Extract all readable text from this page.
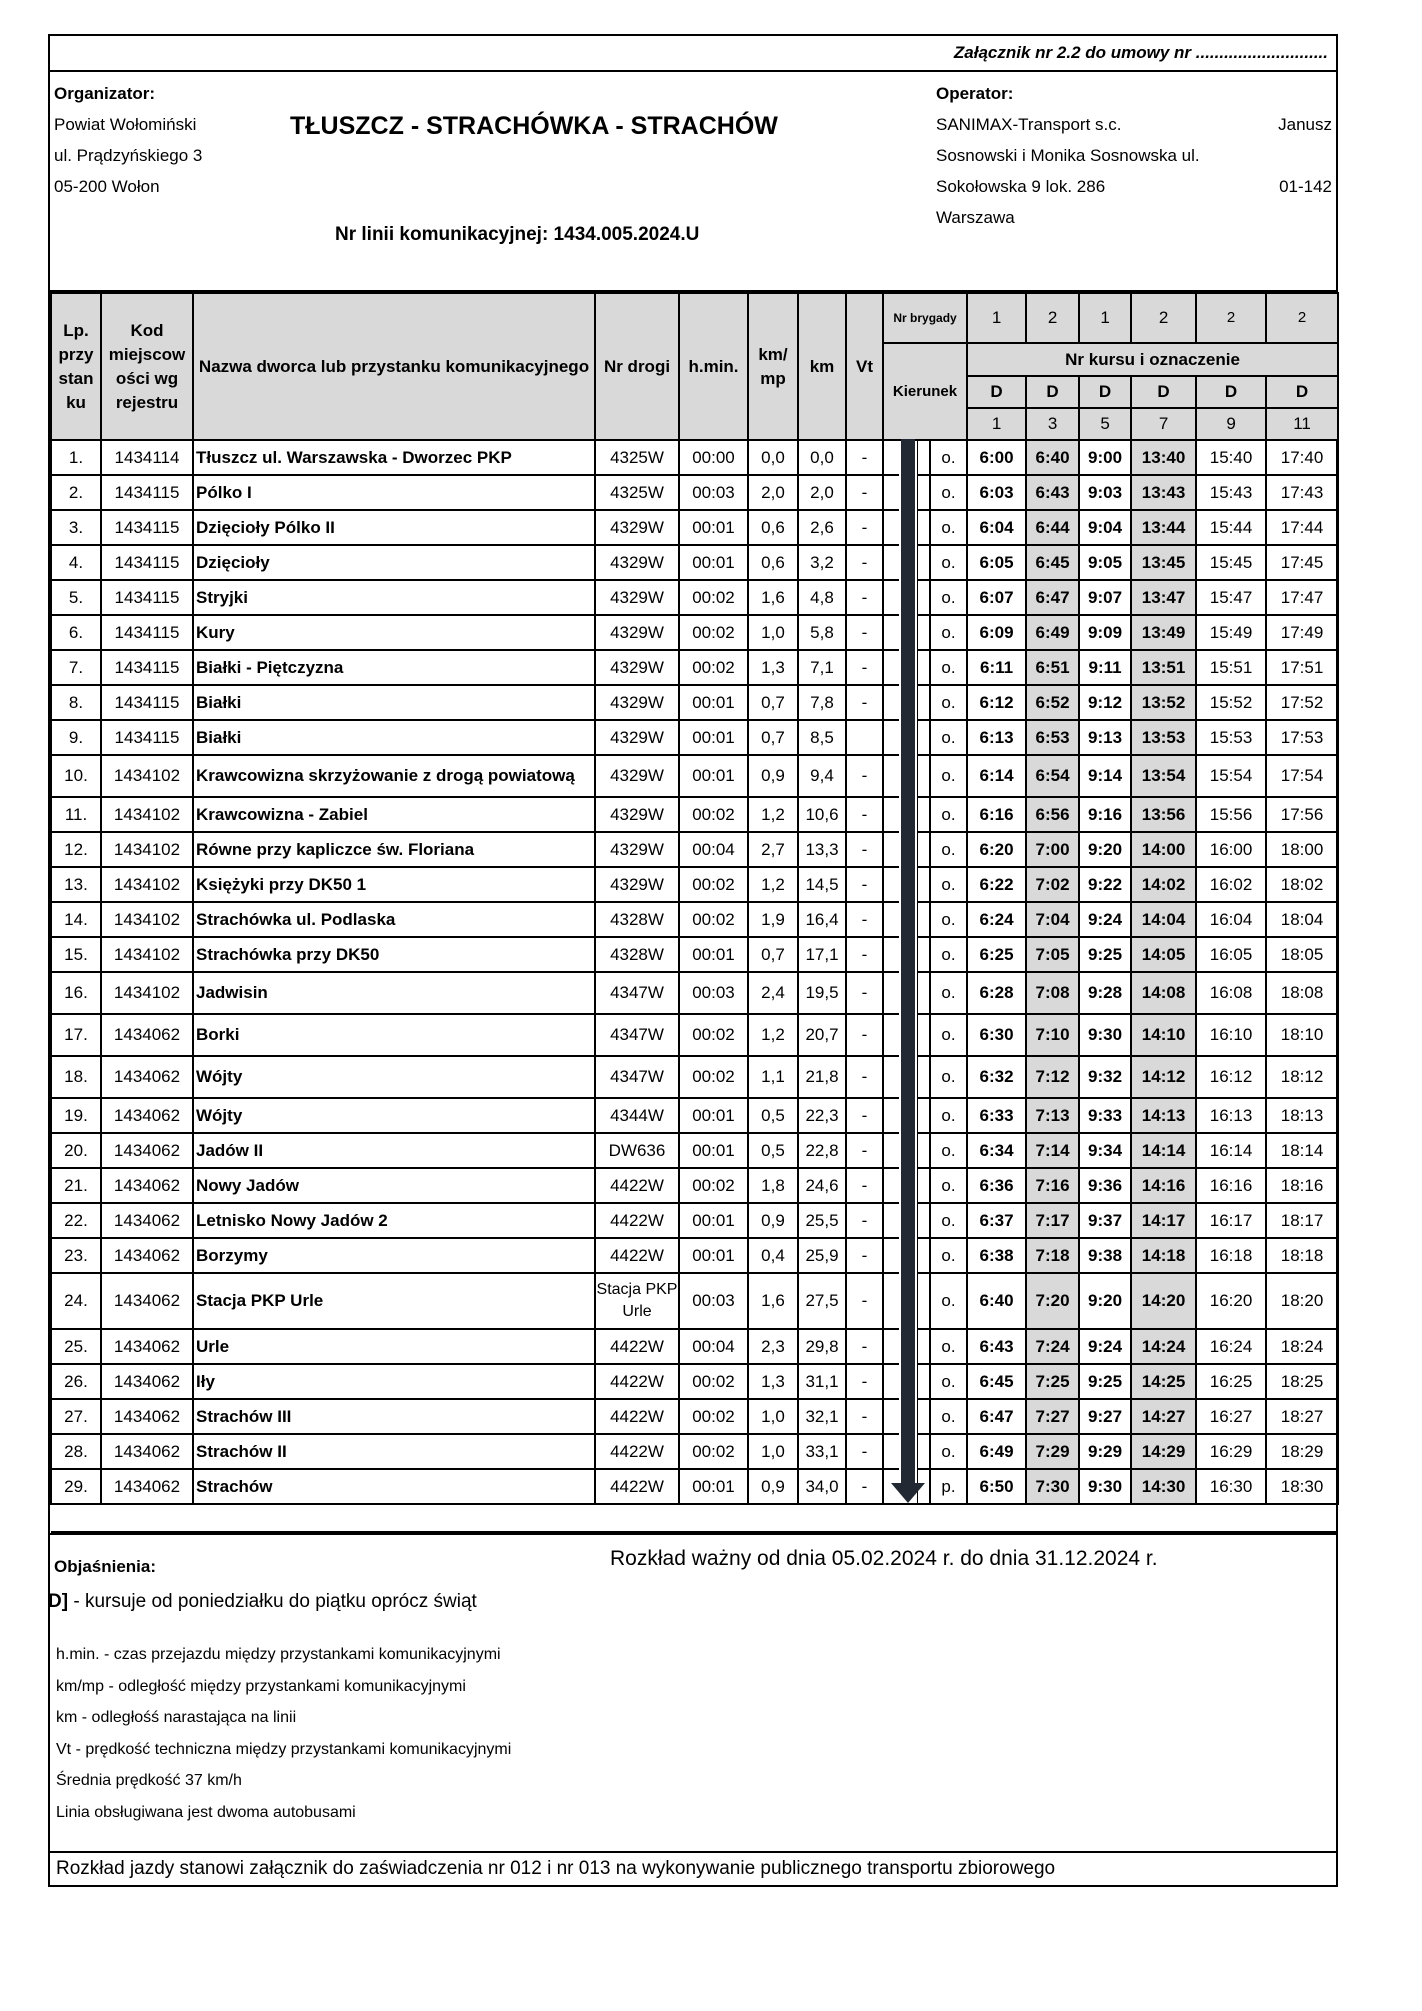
Załącznik nr 2.2 do umowy nr ............................
Organizator:
Powiat Wołomiński
ul. Prądzyńskiego 3
05-200 Wołon
TŁUSZCZ - STRACHÓWKA - STRACHÓW
Nr linii komunikacyjnej: 1434.005.2024.U
Operator:
SANIMAX-Transport s.c.	Janusz
Sosnowski i Monika Sosnowska ul.
Sokołowska 9 lok. 286	01-142
Warszawa
Lp. przy stan ku	Kod miejscow ości wg rejestru	Nazwa dworca lub przystanku komunikacyjnego	Nr drogi	h.min.	km/ mp	km	Vt	Nr brygady				1	2	1	2	2	2
								Kierunek				Nr kursu i oznaczenie					
												D	D	D	D	D	D
												1	3	5	7	9	11
1.	1434114	Tłuszcz ul. Warszawska - Dworzec PKP	4325W	00:00	0,0	0,0	-				o.	6:00	6:40	9:00	13:40	15:40	17:40
2.	1434115	Pólko I	4325W	00:03	2,0	2,0	-				o.	6:03	6:43	9:03	13:43	15:43	17:43
3.	1434115	Dzięcioły Pólko II	4329W	00:01	0,6	2,6	-				o.	6:04	6:44	9:04	13:44	15:44	17:44
4.	1434115	Dzięcioły	4329W	00:01	0,6	3,2	-				o.	6:05	6:45	9:05	13:45	15:45	17:45
5.	1434115	Stryjki	4329W	00:02	1,6	4,8	-				o.	6:07	6:47	9:07	13:47	15:47	17:47
6.	1434115	Kury	4329W	00:02	1,0	5,8	-				o.	6:09	6:49	9:09	13:49	15:49	17:49
7.	1434115	Białki - Piętczyzna	4329W	00:02	1,3	7,1	-				o.	6:11	6:51	9:11	13:51	15:51	17:51
8.	1434115	Białki	4329W	00:01	0,7	7,8	-				o.	6:12	6:52	9:12	13:52	15:52	17:52
9.	1434115	Białki	4329W	00:01	0,7	8,5					o.	6:13	6:53	9:13	13:53	15:53	17:53
10.	1434102	Krawcowizna skrzyżowanie z drogą powiatową	4329W	00:01	0,9	9,4	-				o.	6:14	6:54	9:14	13:54	15:54	17:54
11.	1434102	Krawcowizna - Zabiel	4329W	00:02	1,2	10,6	-				o.	6:16	6:56	9:16	13:56	15:56	17:56
12.	1434102	Równe przy kapliczce św. Floriana	4329W	00:04	2,7	13,3	-				o.	6:20	7:00	9:20	14:00	16:00	18:00
13.	1434102	Księżyki przy DK50 1	4329W	00:02	1,2	14,5	-				o.	6:22	7:02	9:22	14:02	16:02	18:02
14.	1434102	Strachówka ul. Podlaska	4328W	00:02	1,9	16,4	-				o.	6:24	7:04	9:24	14:04	16:04	18:04
15.	1434102	Strachówka przy DK50	4328W	00:01	0,7	17,1	-				o.	6:25	7:05	9:25	14:05	16:05	18:05
16.	1434102	Jadwisin	4347W	00:03	2,4	19,5	-				o.	6:28	7:08	9:28	14:08	16:08	18:08
17.	1434062	Borki	4347W	00:02	1,2	20,7	-				o.	6:30	7:10	9:30	14:10	16:10	18:10
18.	1434062	Wójty	4347W	00:02	1,1	21,8	-				o.	6:32	7:12	9:32	14:12	16:12	18:12
19.	1434062	Wójty	4344W	00:01	0,5	22,3	-				o.	6:33	7:13	9:33	14:13	16:13	18:13
20.	1434062	Jadów II	DW636	00:01	0,5	22,8	-				o.	6:34	7:14	9:34	14:14	16:14	18:14
21.	1434062	Nowy Jadów	4422W	00:02	1,8	24,6	-				o.	6:36	7:16	9:36	14:16	16:16	18:16
22.	1434062	Letnisko Nowy Jadów 2	4422W	00:01	0,9	25,5	-				o.	6:37	7:17	9:37	14:17	16:17	18:17
23.	1434062	Borzymy	4422W	00:01	0,4	25,9	-				o.	6:38	7:18	9:38	14:18	16:18	18:18
24.	1434062	Stacja PKP Urle	Stacja PKP Urle	00:03	1,6	27,5	-				o.	6:40	7:20	9:20	14:20	16:20	18:20
25.	1434062	Urle	4422W	00:04	2,3	29,8	-				o.	6:43	7:24	9:24	14:24	16:24	18:24
26.	1434062	Iły	4422W	00:02	1,3	31,1	-				o.	6:45	7:25	9:25	14:25	16:25	18:25
27.	1434062	Strachów III	4422W	00:02	1,0	32,1	-				o.	6:47	7:27	9:27	14:27	16:27	18:27
28.	1434062	Strachów II	4422W	00:02	1,0	33,1	-				o.	6:49	7:29	9:29	14:29	16:29	18:29
29.	1434062	Strachów	4422W	00:01	0,9	34,0	-				p.	6:50	7:30	9:30	14:30	16:30	18:30

Objaśnienia:	Rozkład ważny od dnia 05.02.2024 r. do dnia 31.12.2024 r.
D] - kursuje od poniedziałku do piątku oprócz świąt
h.min. - czas przejazdu między przystankami komunikacyjnymi
km/mp - odległość między przystankami komunikacyjnymi
km - odległośś narastająca na linii
Vt - prędkość techniczna między przystankami komunikacyjnymi
Średnia prędkość 37 km/h
Linia obsługiwana jest dwoma autobusami
Rozkład jazdy stanowi załącznik do zaświadczenia nr 012 i nr 013 na wykonywanie publicznego transportu zbiorowego
